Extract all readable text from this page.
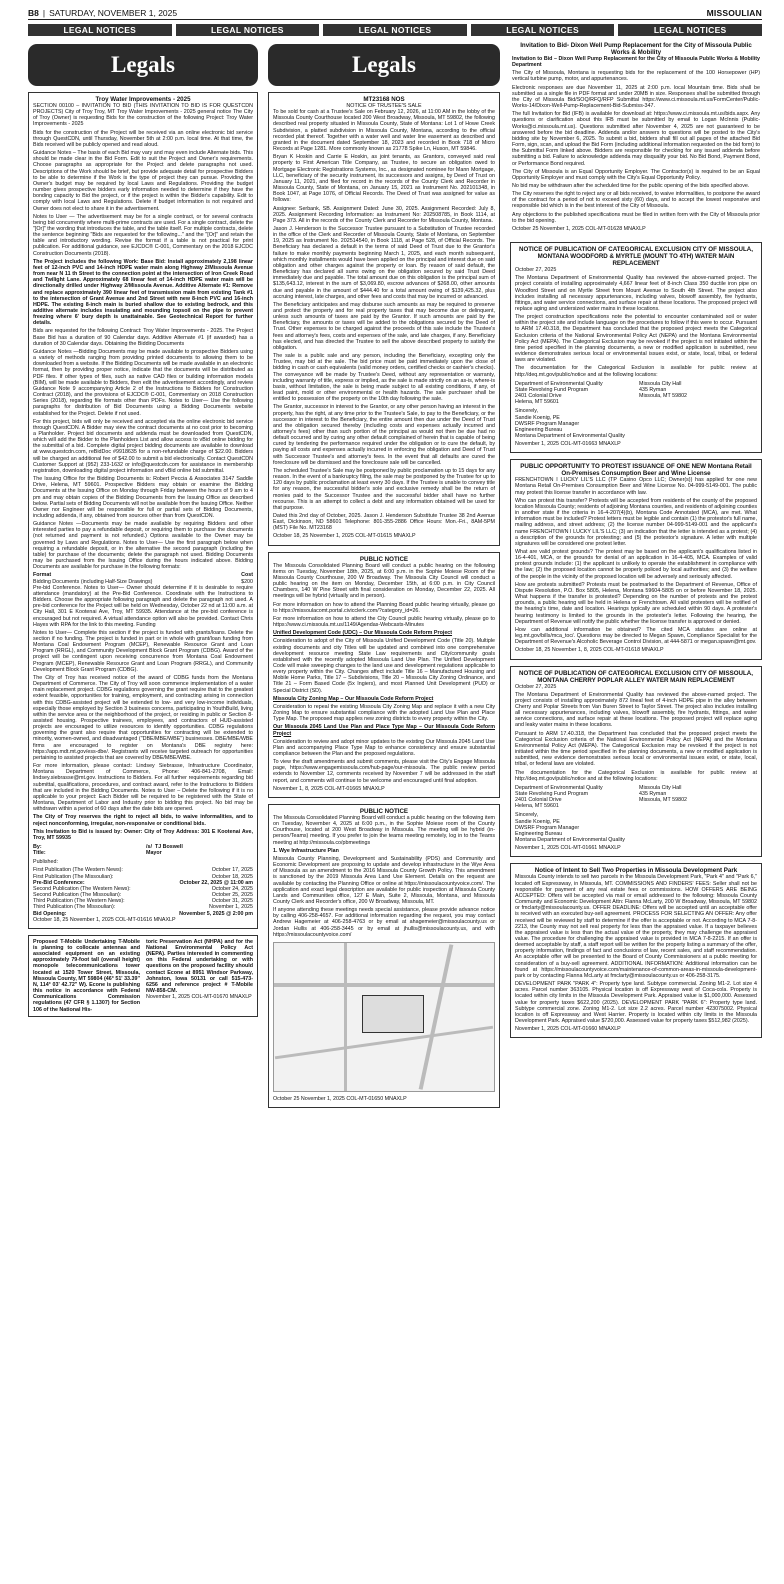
B8 | SATURDAY, NOVEMBER 1, 2025	MISSOULIAN
LEGAL NOTICES	LEGAL NOTICES	LEGAL NOTICES	LEGAL NOTICES	LEGAL NOTICES
Legals
Troy Water Improvements - 2025

SECTION 00100 – INVITATION TO BID (THIS INVITATION TO BID IS FOR QUESTCDN PROJECTS) City of Troy Troy, MT Troy Water Improvements - 2025 general notice The City of Troy (Owner) is requesting Bids for the construction of the following Project: Troy Water Improvements - 2025

Bids for the construction of the Project will be received via an online electronic bid service through QuestCDN, until Thursday, November 5th at 2:00 p.m. local time. At that time, the Bids received will be publicly opened and read aloud.

Guidance Notes – The basis of each Bid may vary and may even include Alternate bids. This should be made clear in the Bid Form. Edit to suit the Project and Owner's requirements. Choose paragraphs as appropriate for the Project and delete paragraphs not used. Descriptions of the Work should be brief, but provide adequate detail for prospective Bidders to be able to determine if the Work is the type of project they can pursue. Providing the Owner's budget may be required by local Laws and Regulations. Providing the budget number gives prospective bidders early information needed to determine if they have the bonding capacity to Bid the project, or if the project is within the Bidder's capability. Edit to comply with local Laws and Regulations. Delete if budget information is not required and Owner does not elect to share it in the advertisement.

Notes to User — The advertisement may be for a single contract, or for several contracts being bid concurrently where multi-prime contracts are used. For a single contract, delete the "[Or]" the wording that introduces the table, and the table itself. For multiple contracts, delete the sentence beginning "Bids are requested for the following..." and the "[Or]" and retain the table and introductory wording. Revise the format if a table is not practical for print publication. For additional guidance, see EJCDC® C-001, Commentary on the 2018 EJCDC Construction Documents (2018).

The Project includes the following Work: Base Bid: Install approximately 2,198 linear feet of 12-inch PVC and 14-inch HDPE water main along Highway 2/Missoula Avenue from near N 11 th Street to the connection point at the intersection of Iron Creek Road and Twilight Lane. Approximately 68 linear feet of 14-inch HDPE water main will be directionally drilled under Highway 2/Missoula Avenue. Additive Alternate #1: Remove and replace approximately 390 linear feet of transmission main from existing Tank #1 to the intersection of Grant Avenue and 2nd Street with new 8-inch PVC and 16-inch HDPE. The existing 8-inch main is buried shallow due to existing bedrock, and this additive alternate includes insulating and mounding topsoil on the pipe to prevent freezing where 6' bury depth is unattainable. See Geotechnical Report for further details.

Bids are requested for the following Contract: Troy Water Improvements - 2025. The Project Base Bid has a duration of 90 Calendar days. Additive Alternate #1 (if awarded) has a duration of 30 Calendar days. Obtaining the Bidding Documents

Guidance Notes —Bidding Documents may be made available to prospective Bidders using a variety of methods ranging from providing printed documents to allowing them to be downloaded from a website. If the Bidding Documents will be made available in an electronic format, then by providing proper notice, indicate that the documents will be distributed as PDF files. If other types of files, such as native CAD files or building information models (BIM), will be made available to Bidders, then edit the advertisement accordingly, and review Guidance Note 9 accompanying Article 2 of the Instructions to Bidders for Construction Contract (2018), and the provisions of EJCDC® C-001, Commentary on 2018 Construction Series (2018), regarding file formats other than PDFs. Notes to User— Use the following paragraphs for distribution of Bid Documents using a Bidding Documents website established for the Project. Delete if not used.

For this project, bids will only be received and accepted via the online electronic bid service through QuestCDN. A Bidder may view the contract documents at no cost prior to becoming a Planholder. Project bid documents and addenda must be downloaded from QuestCDN, which will add the Bidder to the Planholders List and allow access to vBid online bidding for the submittal of a bid. Complete digital project bidding documents are available to download at www.questcdn.com, reBidDoc #9918635 for a non-refundable charge of $22.00. Bidders will be charged an additional fee of $42.00 to submit a bid electronically. Contact QuestCDN Customer Support at (952) 233-1632 or info@questcdn.com for assistance in membership registration, downloading digital project information and vBid online bid submittal.

The Issuing Office for the Bidding Documents is: Robert Peccia & Associates 3147 Saddle Drive, Helena, MT 59601. Prospective Bidders may obtain or examine the Bidding Documents at the Issuing Office on Monday through Friday between the hours of 9 am to 4 pm and may obtain copies of the Bidding Documents from the Issuing Office as described below. Partial sets of Bidding Documents will not be available from the Issuing Office. Neither Owner nor Engineer will be responsible for full or partial sets of Bidding Documents, including addenda, if any, obtained from sources other than from QuestCDN.

Guidance Notes —Documents may be made available by requiring Bidders and other interested parties to pay a refundable deposit, or requiring them to purchase the documents (not returned and payment is not refunded.) Options available to the Owner may be governed by Laws and Regulations. Notes to User— Use the first paragraph below when requiring a refundable deposit, or in the alternative the second paragraph (including the table) for purchase of the documents; delete the paragraph not used. Bidding Documents may be purchased from the Issuing Office during the hours indicated above. Bidding Documents are available for purchase in the following formats:

Format	Cost
Bidding Documents (including Half-Size Drawings)	$200

Pre-bid Conference. Notes to User— Owner should determine if it is desirable to require attendance (mandatory) at the Pre-Bid Conference. Coordinate with the Instructions to Bidders. Choose the appropriate following paragraph and delete the paragraph not used. A pre-bid conference for the Project will be held on Wednesday, October 22 nd at 11:00 a.m. at City Hall, 301 E Kootenai Ave, Troy, MT 59935. Attendance at the pre-bid conference is encouraged but not required. A virtual attendance option will also be provided. Contact Chris Hayes with RPA for the link to this meeting. Funding

Notes to User— Complete this section if the project is funded with grants/loans. Delete the section if no funding. The project is funded in part or in whole with grant/loan funding from Montana Coal Endowment Program (MCEP), Renewable Resource Grant and Loan Program (RRGL), and Community Development Block Grant Program (CDBG). Award of the project will be contingent upon receiving concurrence from Montana Coal Endowment Program (MCEP), Renewable Resource Grant and Loan Program (RRGL), and Community Development Block Grant Program (CDBG).

The City of Troy has received notice of the award of CDBG funds from the Montana Department of Commerce. The City of Troy will soon commence implementation of a water main replacement project. CDBG regulations governing the grant require that to the greatest extent feasible, opportunities for training, employment, and contracting arising in connection with this CDBG-assisted project will be extended to low- and very low-income individuals, especially those employed by Section 3 business concerns, participating in YouthBuild, living within the service area or the neighborhood of the project, or residing in public or Section 8-assisted housing. Prospective trainees, employees, and contractors of HUD-assisted projects are encouraged to utilize resources to identify opportunities. CDBG regulations governing the grant also require that opportunities for contracting will be extended to minority, women-owned, and disadvantaged ("DBE/MBE/WBE") businesses. DBE/MBE/WBE firms are encouraged to register on Montana's DBE registry here: https://app.mdt.mt.gov/ess-dbe/. Registrants will receive targeted outreach for opportunities pertaining to assisted projects that are covered by DBE/MBE/WBE.

For more information, please contact: Lindsey Siebrasse, Infrastructure Coordinator, Montana Department of Commerce, Phone: 406-841-2708, Email: lindsey.siebrasse@mt.gov. Instructions to Bidders. For all further requirements regarding bid submittal, qualifications, procedures, and contract award, refer to the Instructions to Bidders that are included in the Bidding Documents. Notes to User – Delete the following if it is no applicable to your project: Each Bidder will be required to be registered with the State of Montana, Department of Labor and Industry prior to bidding this project. No bid may be withdrawn within a period of 60 days after the date bids are opened.

The City of Troy reserves the right to reject all bids, to waive informalities, and to reject nonconforming, irregular, non-responsive or conditional bids.

This Invitation to Bid is issued by: Owner: City of Troy Address: 301 E Kootenai Ave, Troy, MT 59935

By:	/s/ TJ Boswell
Title:	Mayor

Published:

First Publication (The Western News):	October 17, 2025
First Publication (The Missoulian):	October 18, 2025
Pre-Bid Conference:	October 22, 2025 @ 11:00 am
Second Publication (The Western News):	October 24, 2025
Second Publication (The Missoulian):	October 25, 2025
Third Publication (The Western News):	October 31, 2025
Third Publication (The Missoulian):	November 1, 2025
Bid Opening:	November 5, 2025 @ 2:00 pm

October 18, 25 November 1, 2025 COL-MT-01616 MNAXLP

Proposed T-Mobile Undertaking T-Mobile is planning to collocate antennas and associated equipment on an existing approximately 79-foot tall (overall height) monopole telecommunications tower located at 1520 Tower Street, Missoula, Missoula County, MT 59804 (46° 51' 33.39" N, 114° 03' 42.72" W). Econe is publishing this notice in accordance with Federal Communications Commission regulations (47 CFR § 1.1307) for Section 106 of the National His-
toric Preservation Act (NHPA) and for the National Environmental Policy Act (NEPA). Parties interested in commenting on this Federal undertaking or with questions on the proposed facility should contact Econe at 8951 Windsor Parkway, Johnston, Iowa 50131 or call 515-473-6256 and reference project # T-Mobile NW-858-CM.
November 1, 2025 COL-MT-01670 MNAXLP
Legals
MT23168 NOS
NOTICE OF TRUSTEE'S SALE

To be sold for cash at a Trustee's Sale on February 12, 2026, at 11:00 AM in the lobby of the Missoula County Courthouse located 200 West Broadway, Missoula, MT 59802, the following described real property situated in Missoula County, State of Montana: Lot 1 of Howe Creek Subdivision, a platted subdivision in Missoula County, Montana, according to the official recorded plat thereof. Together with a water well and water line easement as described and granted in the document dated September 18, 2023 and recorded in Book 718 of Micro Records at Page 1281. More commonly known as 21778 Spike Ln, Huson, MT 59846.

Bryan K Hoskin and Carrie E Hoskin, as joint tenants, as Grantors, conveyed said real property to First American Title Company, as Trustee, to secure an obligation owed to Mortgage Electronic Registrations Systems, Inc., as designated nominee for Mann Mortgage, LLC, beneficiary of the security instrument, its successors and assigns, by Deed of Trust on January 11, 2021, and filed for record in the records of the County Clerk and Recorder in Missoula County, State of Montana, on January 15, 2021 as Instrument No. 202101348, in Book 1047, at Page 1076, of Official Records. The Deed of Trust was assigned for value as follows:

Assignee: Serbank, SB. Assignment Dated: June 30, 2025. Assignment Recorded: July 8, 2025. Assignment Recording Information: as Instrument No: 202508785, in Book 1114, at Page 373. All in the records of the County Clerk and Recorder for Missoula County, Montana.

Jason J. Henderson is the Successor Trustee pursuant to a Substitution of Trustee recorded in the office of the Clerk and Recorder of Missoula County, State of Montana, on September 19, 2025 as Instrument No. 202514540, in Book 1118, at Page 528, of Official Records. The Beneficiary has declared a default in the terms of said Deed of Trust due to the Grantor's failure to make monthly payments beginning March 1, 2025, and each month subsequent, which monthly installments would have been applied on the principal and interest due on said obligation and other charges against the property or loan. By reason of said default, the Beneficiary has declared all sums owing on the obligation secured by said Trust Deed immediately due and payable. The total amount due on this obligation is the principal sum of $135,643.12, interest in the sum of $3,069.80, escrow advances of $268.00, other amounts due and payable in the amount of $444.40 for a total amount owing of $139,425.32, plus accruing interest, late charges, and other fees and costs that may be incurred or advanced.

The Beneficiary anticipates and may disburse such amounts as may be required to preserve and protect the property and for real property taxes that may become due or delinquent, unless such amounts of taxes are paid by the Grantor. If such amounts are paid by the Beneficiary, the amounts or taxes will be added to the obligations secured by the Deed of Trust. Other expenses to be charged against the proceeds of this sale include the Trustee's fees and attorney's fees, costs and expenses of the sale, and late charges, if any. Beneficiary has elected, and has directed the Trustee to sell the above described property to satisfy the obligation.

The sale is a public sale and any person, including the Beneficiary, excepting only the Trustee, may bid at the sale. The bid price must be paid immediately upon the close of bidding in cash or cash equivalents (valid money orders, certified checks or cashier's checks). The conveyance will be made by Trustee's Deed, without any representation or warranty, including warranty of title, express or implied, as the sale is made strictly on an as-is, where-is basis, without limitation, the sale is being made subject to all existing conditions, if any, of lead paint, mold or other environmental or health hazards. The sale purchaser shall be entitled to possession of the property on the 10th day following the sale.

The Grantor, successor in interest to the Grantor, or any other person having an interest in the property, has the right, at any time prior to the Trustee's Sale, to pay to the Beneficiary, or the successor in interest to the Beneficiary, the entire amount then due under the Deed of Trust and the obligation secured thereby (including costs and expenses actually incurred and attorney's fees) other than such portion of the principal as would not then be due had no default occurred and by curing any other default complained of herein that is capable of being cured by tendering the performance required under the obligation or to cure the default, by paying all costs and expenses actually incurred in enforcing the obligation and Deed of Trust with Successor Trustee's and attorney's fees. In the event that all defaults are cured the foreclosure will be dismissed and the foreclosure sale will be cancelled.

The scheduled Trustee's Sale may be postponed by public proclamation up to 15 days for any reason. In the event of a bankruptcy filing, the sale may be postponed by the Trustee for up to 120 days by public proclamation at least every 30 days. If the Trustee is unable to convey title for any reason, the successful bidder's sole and exclusive remedy shall be the return of monies paid to the Successor Trustee and the successful bidder shall have no further recourse. This is an attempt to collect a debt and any information obtained will be used for that purpose.

Dated this 2nd day of October, 2025. Jason J. Henderson Substitute Trustee 38 2nd Avenue East, Dickinson, ND 58601 Telephone: 801-355-2886 Office Hours: Mon.-Fri., 8AM-5PM (MST) File No. MT23168

October 18, 25 November 1, 2025 COL-MT-01615 MNAXLP

PUBLIC NOTICE

The Missoula Consolidated Planning Board will conduct a public hearing on the following items on Tuesday, November 18th, 2025, at 6:00 p.m. in the Sophie Moiese Room of the Missoula County Courthouse, 200 W Broadway. The Missoula City Council will conduct a public hearing on the item on Monday, December 15th, at 6:00 p.m. in City Council Chambers, 140 W Pine Street with final consideration on Monday, December 22, 2025. All meetings will be hybrid (virtually and in person).

For more information on how to attend the Planning Board public hearing virtually, please go to https://missoulacomt.portal.civicclerk.com/?category_id=26.

For more information on how to attend the City Council public hearing virtually, please go to https://www.ci.missoula.mt.us/1149/Agendas-Webcasts-Minutes

Unified Development Code (UDC) – Our Missoula Code Reform Project

Consideration to adopt of the City of Missoula Unified Development Code (Title 20). Multiple existing documents and city Titles will be updated and combined into one comprehensive development resource meeting State Law requirements and City/community goals established with the recently adopted Missoula Land Use Plan. The Unified Development Code will make sweeping changes to the land use and development regulations applicable to every property within the City. Changes affect include Title 16 – Manufactured Housing and Mobile Home Parks, Title 17 – Subdivisions, Title 20 – Missoula City Zoning Ordinance, and Title 21 – Form Based Code (5x Ingiers), and most Planned Unit Development (PUD) or Special District (SD).

Missoula City Zoning Map – Our Missoula Code Reform Project

Consideration to repeal the existing Missoula City Zoning Map and replace it with a new City Zoning Map to ensure substantial compliance with the adopted Land Use Plan and Place Type Map. The proposed map applies new zoning districts to every property within the City.

Our Missoula 2045 Land Use Plan and Place Type Map – Our Missoula Code Reform Project

Consideration to review and adopt minor updates to the existing Our Missoula 2045 Land Use Plan and accompanying Place Type Map to enhance consistency and ensure substantial compliance between the Plan and the proposed regulations.

To view the draft amendments and submit comments, please visit the City's Engage Missoula page, https://www.engagemissoula.com/hub-page/our-missoula. The public review period extends to November 12, comments received by November 7 will be addressed in the staff report, and comments will continue to be welcome and encouraged until final adoption.

November 1, 8, 2025 COL-MT-01665 MNAXLP

PUBLIC NOTICE

The Missoula Consolidated Planning Board will conduct a public hearing on the following item on Tuesday, November 4, 2025 at 6:00 p.m., in the Sophie Moiese room of the County Courthouse, located at 200 West Broadway in Missoula. The meeting will be hybrid (in-person/Teams) meeting. If you prefer to join the teams meeting remotely, log in to the Teams meeting at http://missoula.co/pbmeetings

1. Wye Infrastructure Plan

Missoula County Planning, Development and Sustainability (PDS) and Community and Economic Development are proposing to update and develop infrastructure in the Wye Area of Missoula as an amendment to the 2016 Missoula County Growth Policy. This amendment is sanctioned by the 2019 Missoula Area Land Use Element. Details on the request are available by contacting the Planning Office or online at https://missoulacountyvoice.com/. The application and exact legal description are available for public inspection at Missoula County Lands and Communities office, 127 E Main, Suite 2, Missoula, Montana, and Missoula County Clerk and Recorder's office, 200 W Broadway, Missoula, MT.

If anyone attending these meetings needs special assistance, please provide advance notice by calling 406-258-4657. For additional information regarding the request, you may contact Andrew Hagemeier at 406-258-4763 or by email at ahagemeier@missoulacounty.us or Jordan Hullis at 406-258-3445 or by email at jhullis@missoulacounty.us, and with https://missoulacountyvoice.com/

October 25 November 1, 2025 COL-MT-01650 MNAXLP

Invitation to Bid- Dixon Well Pump Replacement for the City of Missoula Public Works & Mobility

Invitation to Bid – Dixon Well Pump Replacement for the City of Missoula Public Works & Mobility Department

The City of Missoula, Montana is requesting bids for the replacement of the 100 Horsepower (HP) vertical turbine pump, motor, and appurtenances.

Electronic responses are due November 11, 2025 at 2:00 p.m. local Mountain time. Bids shall be submitted as a single file in PDF format and under 20MB in size. Responses shall be submitted through the City of Missoula Bid/SOQ/RFQ/RFP Submittal https://www.ci.missoula.mt.us/FormCenter/Public-Works-14/Dixon-Well-Pump-Replacement-Bid-Submiss-347.

The full Invitation for Bid (IFB) is available for download at: https://www.ci.missoula.mt.us/bids.aspx. Any questions or clarification about this IFB must be submitted by email to Logan McInnis (Public-Works@ci.missoula.mt.us). Questions submitted after November 4, 2025 are not guaranteed to be answered before the bid deadline. Addenda and/or answers to questions will be posted to the City's bidding site by November 6, 2025. To submit a bid, bidders shall fill out all pages of the attached Bid Form, sign, scan, and upload the Bid Form (including additional information requested on the bid form) to the Submittal Form linked above. Bidders are responsible for checking for any issued addenda before submitting a bid. Failure to acknowledge addenda may disqualify your bid. No Bid Bond, Payment Bond, or Performance Bond required.

The City of Missoula is an Equal Opportunity Employer. The Contractor(s) is required to be an Equal Opportunity Employer and must comply with the City's Equal Opportunity Policy.

No bid may be withdrawn after the scheduled time for the public opening of the bids specified above.

The City reserves the right to reject any or all bids received, to waive informalities, to postpone the award of the contract for a period of not to exceed sixty (60) days, and to accept the lowest responsive and responsible bid which is in the best interest of the City of Missoula.

Any objections to the published specifications must be filed in written form with the City of Missoula prior to the bid opening.

October 25 November 1, 2025 COL-MT-01628 MNAXLP

NOTICE OF PUBLICATION OF CATEGORICAL EXCLUSION CITY OF MISSOULA, MONTANA WOODFORD & MYRTLE (MOUNT TO 4TH) WATER MAIN REPLACEMENT

October 27, 2025

The Montana Department of Environmental Quality has reviewed the above-named project. The project consists of installing approximately 4,667 linear feet of 8-inch Class 350 ductile iron pipe on Woodford Street and on Myrtle Street from Mount Avenue to South 4th Street. The project also includes installing all necessary appurtenances, including valves, blowoff assembly, fire hydrants, fittings, and water service connections, and surface repair at these locations. The proposed project will replace aging and undersized water mains in these locations.

The project construction specifications note the potential to encounter contaminated soil or water within the project site and include language on the procedures to follow if this were to occur. Pursuant to ARM 17.40.318, the Department has concluded that the proposed project meets the Categorical Exclusion criteria of the National Environmental Policy Act (NEPA) and the Montana Environmental Policy Act (MEPA). The Categorical Exclusion may be revoked if the project is not initiated within the time period specified in the planning documents, a new or modified application is submitted, new evidence demonstrates serious local or environmental issues exist, or state, local, tribal, or federal laws are violated.

The documentation for the Categorical Exclusion is available for public review at http://deq.mt.gov/public/notice and at the following locations:

Department of Environmental Quality
State Revolving Fund Program
2401 Colonial Drive
Helena, MT 59601
Missoula City Hall
435 Ryman
Missoula, MT 59802

Sincerely,
Sandie Koenig, PE
DWSRF Program Manager
Engineering Bureau
Montana Department of Environmental Quality

November 1, 2025 COL-MT-01663 MNAXLP

PUBLIC OPPORTUNITY TO PROTEST ISSUANCE OF ONE NEW Montana Retail On-Premises Consumption Beer and Wine License

FRENCHTOWN I LUCKY LIL'S LLC (TP Casino Opco LLC; Owner(s)) has applied for one new Montana Retail On-Premises Consumption Beer and Wine License No. 04-999-5149-001. The public may protest this license transfer in accordance with law.

Who can protest this transfer? Protests will be accepted from residents of the county of the proposed location Missoula County; residents of adjoining Montana counties, and residents of adjoining counties in another state if the criteria in 16-4-207(4)(b), Montana Code Annotated (MCA), are met. What information must be included? Protest letters must be legible and contain (1) the protestor's full name, mailing address, and street address; (2) the license number 04-999-5149-001 and the applicant's name FRENCHTOWN I LUCKY LIL'S LLC; (3) an indication that the letter is intended as a protest; (4) a description of the grounds for protesting; and (5) the protestor's signature. A letter with multiple signatures will be considered one protest letter.

What are valid protest grounds? The protest may be based on the applicant's qualifications listed in 16-4-401, MCA, or the grounds for denial of an application in 16-4-405, MCA. Examples of valid protest grounds include: (1) the applicant is unlikely to operate the establishment in compliance with the law; (2) the proposed location cannot be properly policed by local authorities; and (3) the welfare of the people in the vicinity of the proposed location will be adversely and seriously affected.

How are protests submitted? Protests must be postmarked to the Department of Revenue, Office of Dispute Resolution, P.O. Box 5805, Helena, Montana 59604-5805 on or before November 18, 2025. What happens if the transfer is protested? Depending on the number of protests and the protest grounds, a public hearing will be held in Helena or Frenchtown. All valid protesters will be notified of the hearing's time, date and location. Hearings typically are scheduled within 90 days. A protester's hearing testimony is limited to the grounds in the protester's letter. Following the hearing, the Department of Revenue will notify the public whether the license transfer is approved or denied.

How can additional information be obtained? The cited MCA statutes are online at leg.mt.gov/bills/mca_toc/. Questions may be directed to Megan Spawn, Compliance Specialist for the Department of Revenue's Alcoholic Beverage Control Division, at 444-5871 or megan.spawn@mt.gov.

October 18, 25 November 1, 8, 2025 COL-MT-01618 MNAXLP

NOTICE OF PUBLICATION OF CATEGORICAL EXCLUSION CITY OF MISSOULA, MONTANA CHERRY POPLAR ALLEY WATER MAIN REPLACEMENT

October 27, 2025

The Montana Department of Environmental Quality has reviewed the above-named project. The project consists of installing approximately 872 lineal feet of 4-inch HDPE pipe in the alley between Cherry and Poplar Streets from Van Buren Street to Taylor Street. The project also includes installing all necessary appurtenances, including valves, blowoff assembly, fire hydrants, fittings, and water service connections, and surface repair at these locations. The proposed project will replace aging and leaky water mains in these locations.

Pursuant to ARM 17.40.318, the Department has concluded that the proposed project meets the Categorical Exclusion criteria of the National Environmental Policy Act (NEPA) and the Montana Environmental Policy Act (MEPA). The Categorical Exclusion may be revoked if the project is not initiated within the time period specified in the planning documents, a new or modified application is submitted, new evidence demonstrates serious local or environmental issues exist, or state, local, tribal, or federal laws are violated.

The documentation for the Categorical Exclusion is available for public review at http://deq.mt.gov/public/notice and at the following locations:

Department of Environmental Quality
State Revolving Fund Program
2401 Colonial Drive
Helena, MT 59601
Missoula City Hall
435 Ryman
Missoula, MT 59802

Sincerely,
Sandie Koenig, PE
DWSRF Program Manager
Engineering Bureau
Montana Department of Environmental Quality

November 1, 2025 COL-MT-01661 MNAXLP

Notice of Intent to Sell Two Properties in Missoula Development Park

Missoula County intends to sell two parcels in the Missoula Development Park, "Park 4" and "Park 6," located off Expressway, in Missoula, MT. COMMISSIONS AND FINDERS' FEES: Seller shall not be responsible for payment of any real estate fees or commissions. HOW OFFERS ARE BEING ACCEPTED: Offers will be accepted via mail or email addressed to the following: Missoula County Community and Economic Development Attn: Flanna McLarty, 200 W Broadway, Missoula, MT 59802 or fmclarty@missoulacounty.us. OFFER DEADLINE: Offers will be accepted until an acceptable offer is received with an executed buy-sell agreement. PROCESS FOR SELECTING AN OFFER: Any offer received will be reviewed by staff to determine if the offer is acceptable or not. According to MCA 7-8-2213, the County may not sell real property for less than the appraised value. If a taxpayer believes the appraised value is less than the actual value of the property, they may challenge the appraised value. The procedure for challenging the appraised value is provided in MCA 7-8-2215. If an offer is deemed acceptable by staff, a staff report will be written for the property listing a summary of the offer, property information, findings of fact and conclusions of law, recent sales, and staff recommendation. An acceptable offer will be presented to the Board of County Commissioners at a public meeting for consideration of a buy-sell agreement. ADDITIONAL INFORMATION: Additional information can be found at https://missoulacountyvoice.com/maintenance-of-common-areas-in-missoula-development-park or by contacting Flanna McLarty at fmclarty@missoulacounty.us or 406-258-3175.

DEVELOPMENT PARK "PARK 4": Property type land. Subtype commercial. Zoning M1-2. Lot size 4 acres. Parcel number 363105. Physical location is off Expressway west of Coca-cola. Property is located within city limits in the Missoula Development Park. Appraised value is $1,000,000. Assessed value for property taxes $622,200 (2025). DEVELOPMENT PARK "PARK 6": Property type land. Subtype commercial zone. Zoning M1-2. Lot size 2.2 acres. Parcel number 423075002. Physical location is off Expressway and West Harrier. Property is located within city limits in the Missoula Development Park. Appraised value $720,000. Assessed value for property taxes $512,982 (2025).

November 1, 2025 COL-MT-01660 MNAXLP
